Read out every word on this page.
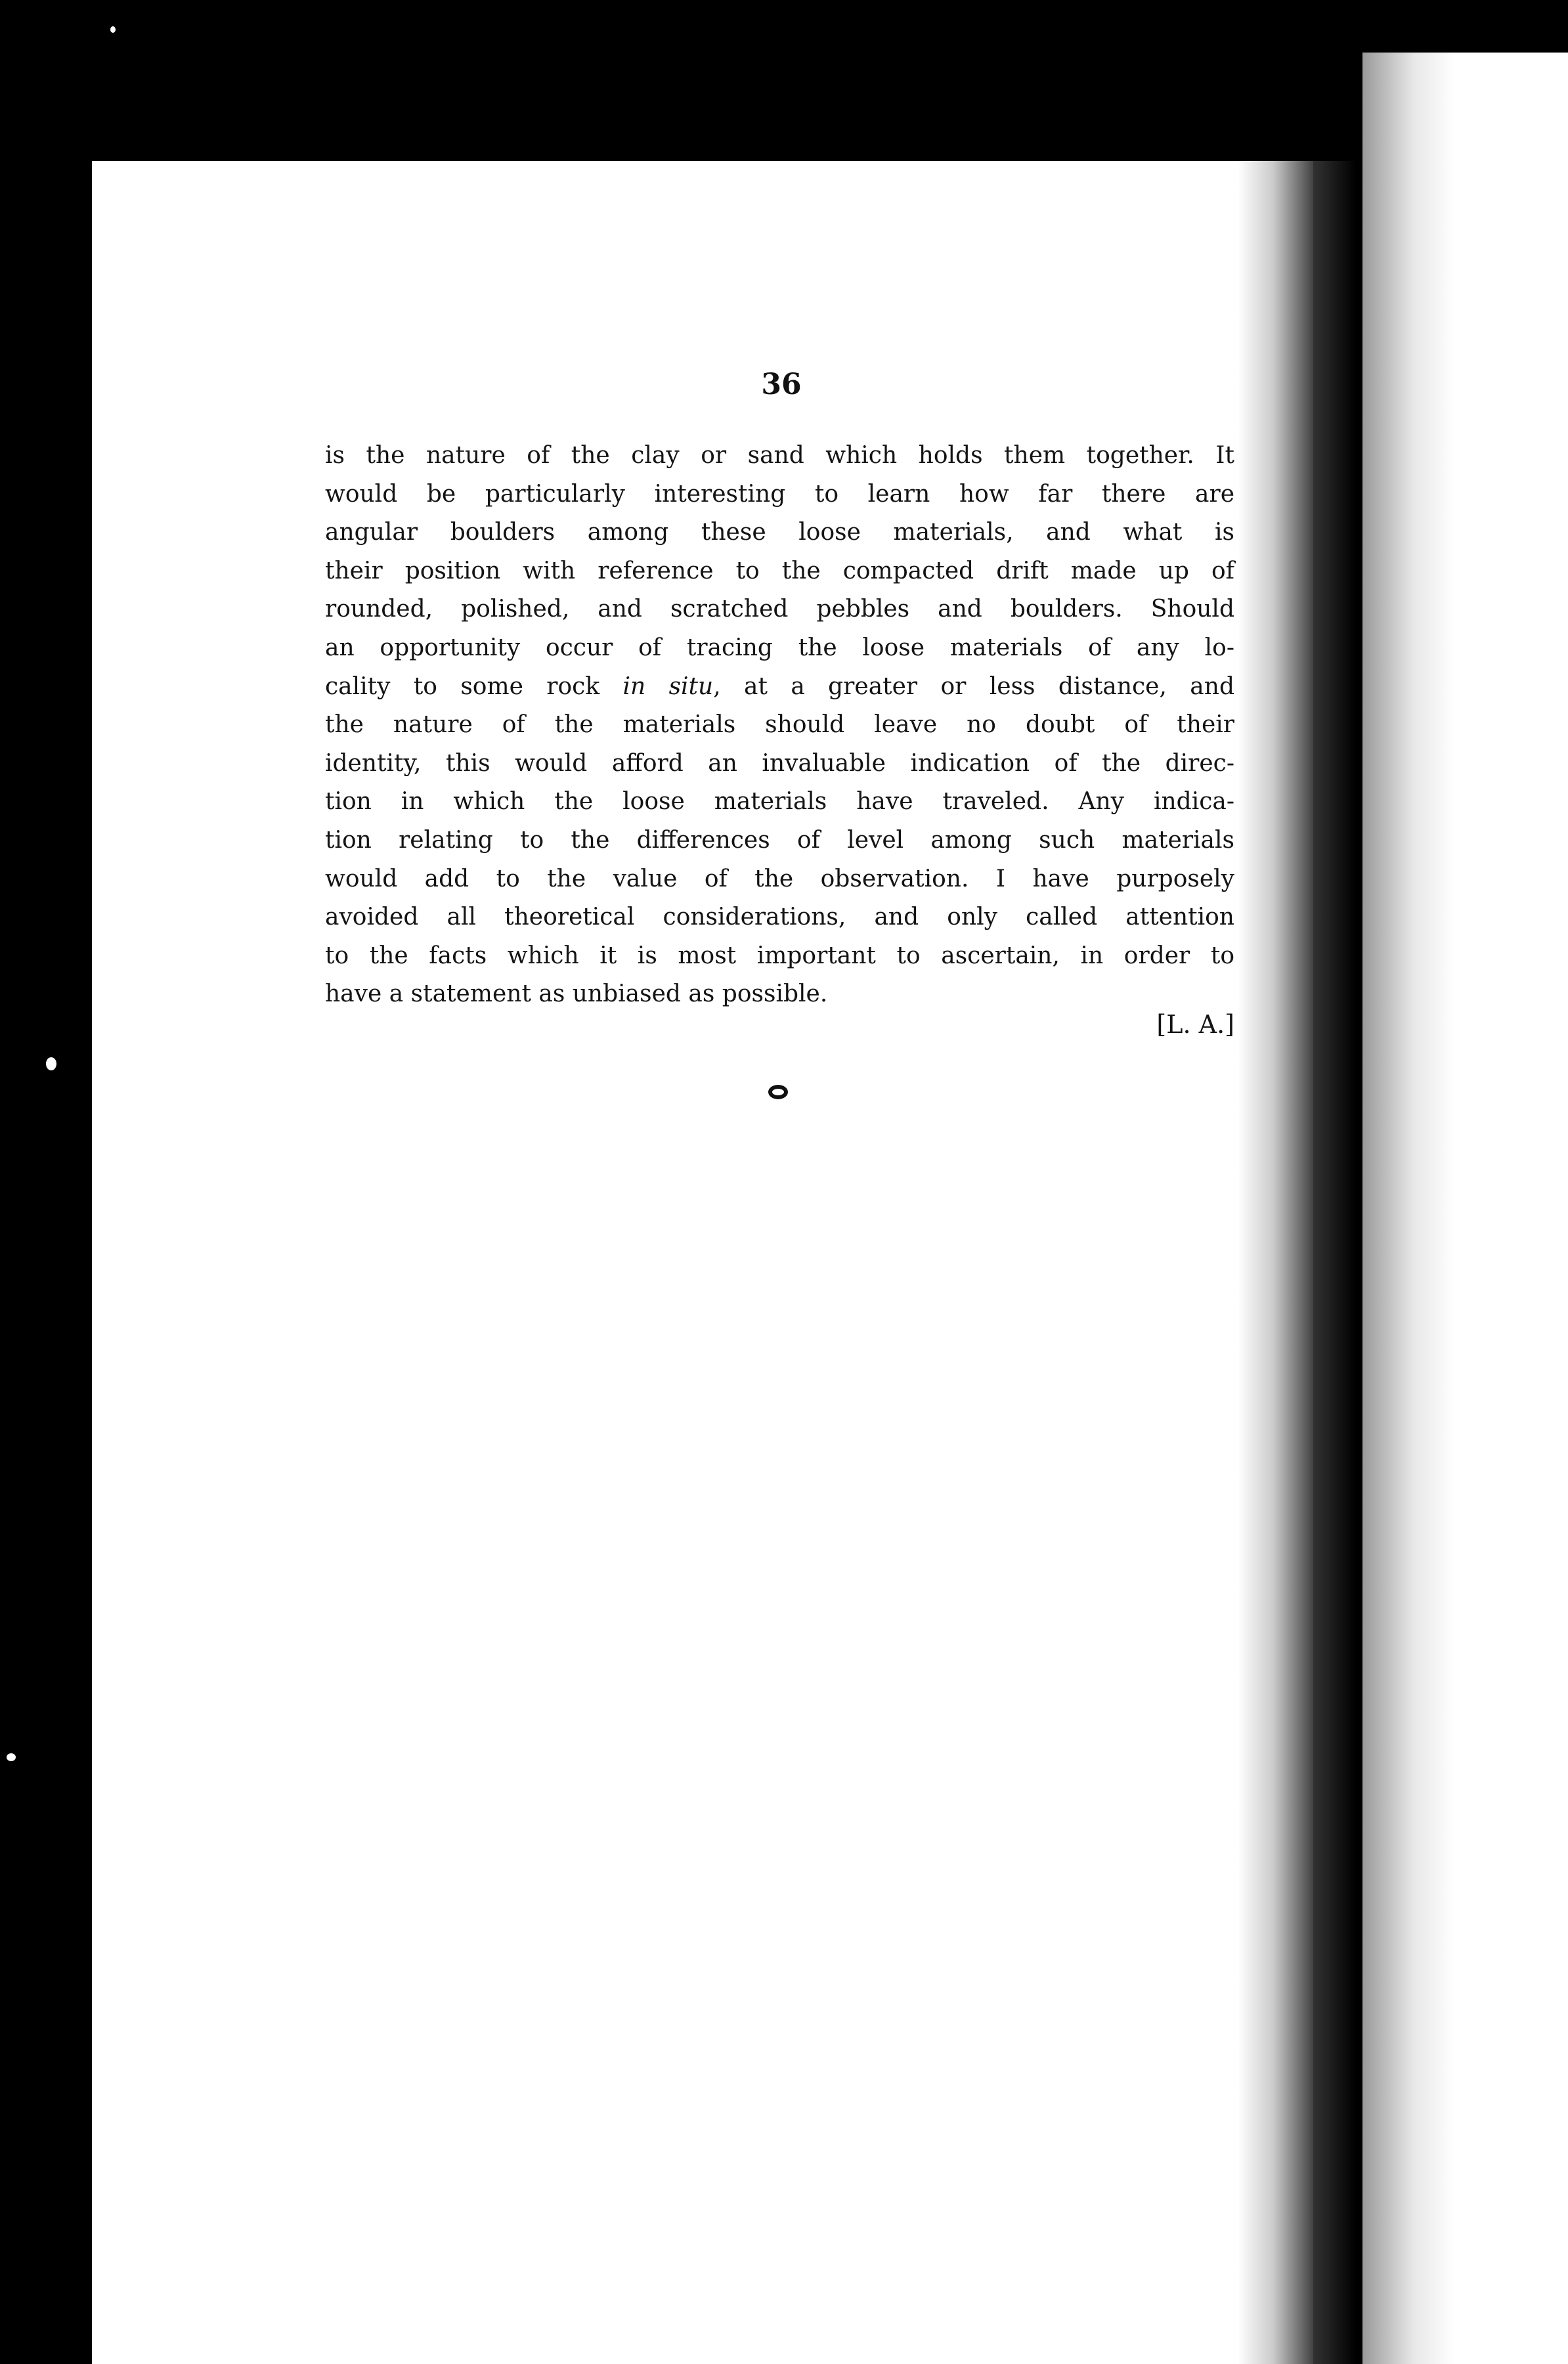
36
is the nature of the clay or sand which holds them together. It
would be particularly interesting to learn how far there are
angular boulders among these loose materials, and what is
their position with reference to the compacted drift made up of
rounded, polished, and scratched pebbles and boulders. Should
an opportunity occur of tracing the loose materials of any lo-
cality to some rock in situ, at a greater or less distance, and
the nature of the materials should leave no doubt of their
identity, this would afford an invaluable indication of the direc-
tion in which the loose materials have traveled. Any indica-
tion relating to the differences of level among such materials
would add to the value of the observation. I have purposely
avoided all theoretical considerations, and only called attention
to the facts which it is most important to ascertain, in order to
have a statement as unbiased as possible.
[L. A.]
